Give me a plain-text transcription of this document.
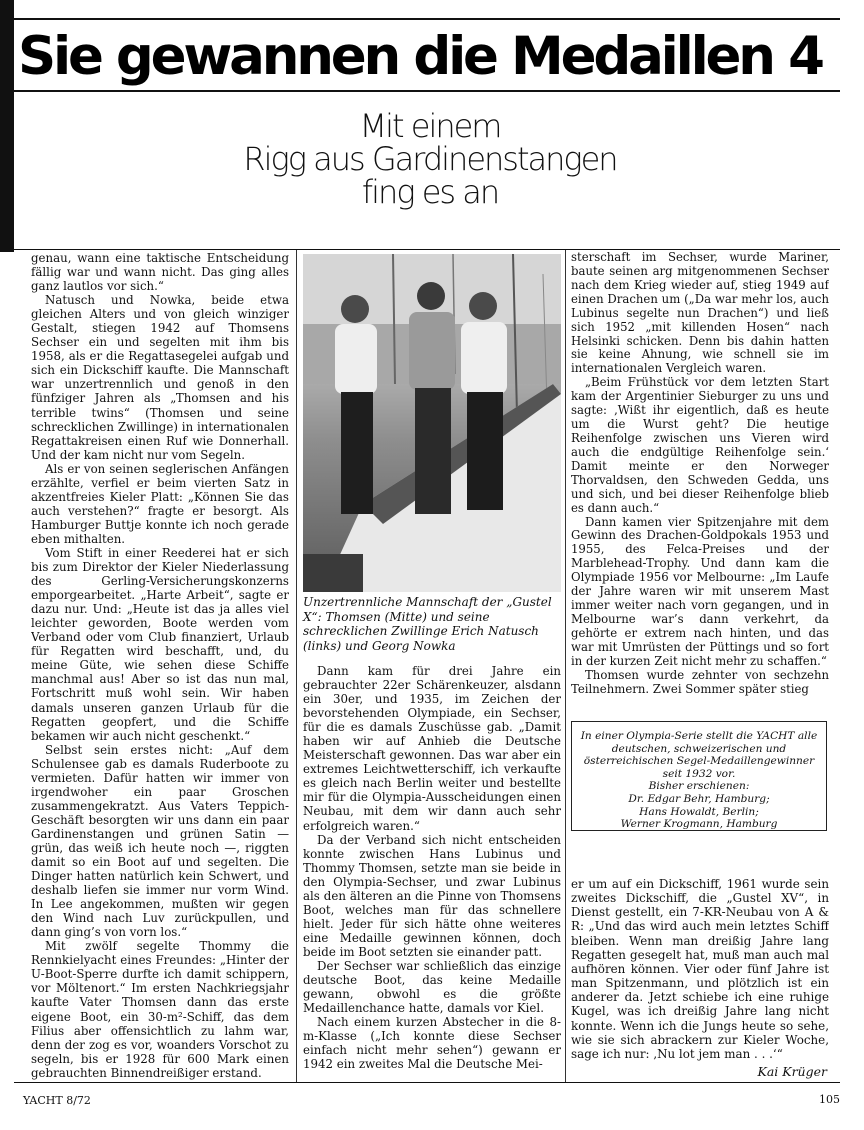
Sie gewannen die Medaillen 4
Mit einem
Rigg aus Gardinenstangen
fing es an

genau, wann eine taktische Entscheidung fällig war und wann nicht. Das ging alles ganz lautlos vor sich.“

Natusch und Nowka, beide etwa gleichen Alters und von gleich winziger Gestalt, stiegen 1942 auf Thomsens Sechser ein und segelten mit ihm bis 1958, als er die Regattasegelei aufgab und sich ein Dickschiff kaufte. Die Mannschaft war unzertrennlich und genoß in den fünfziger Jahren als „Thomsen and his terrible twins“ (Thomsen und seine schrecklichen Zwillinge) in internationalen Regattakreisen einen Ruf wie Donnerhall. Und der kam nicht nur vom Segeln.

Als er von seinen seglerischen Anfängen erzählte, verfiel er beim vierten Satz in akzentfreies Kieler Platt: „Können Sie das auch verstehen?“ fragte er besorgt. Als Hamburger Buttje konnte ich noch gerade eben mithalten.

Vom Stift in einer Reederei hat er sich bis zum Direktor der Kieler Niederlassung des Gerling-Versicherungskonzerns emporgearbeitet. „Harte Arbeit“, sagte er dazu nur. Und: „Heute ist das ja alles viel leichter geworden, Boote werden vom Verband oder vom Club finanziert, Urlaub für Regatten wird beschafft, und, du meine Güte, wie sehen diese Schiffe manchmal aus! Aber so ist das nun mal, Fortschritt muß wohl sein. Wir haben damals unseren ganzen Urlaub für die Regatten geopfert, und die Schiffe bekamen wir auch nicht geschenkt.“

Selbst sein erstes nicht: „Auf dem Schulensee gab es damals Ruderboote zu vermieten. Dafür hatten wir immer von irgendwoher ein paar Groschen zusammengekratzt. Aus Vaters Teppich-Geschäft besorgten wir uns dann ein paar Gardinenstangen und grünen Satin — grün, das weiß ich heute noch —, riggten damit so ein Boot auf und segelten. Die Dinger hatten natürlich kein Schwert, und deshalb liefen sie immer nur vorm Wind. In Lee angekommen, mußten wir gegen den Wind nach Luv zurückpullen, und dann ging’s von vorn los.“

Mit zwölf segelte Thommy die Rennkielyacht eines Freundes: „Hinter der U-Boot-Sperre durfte ich damit schippern, vor Möltenort.“ Im ersten Nachkriegsjahr kaufte Vater Thomsen dann das erste eigene Boot, ein 30-m²-Schiff, das dem Filius aber offensichtlich zu lahm war, denn der zog es vor, woanders Vorschot zu segeln, bis er 1928 für 600 Mark einen gebrauchten Binnendreißiger erstand.

Unzertrennliche Mannschaft der „Gustel X“: Thomsen (Mitte) und seine schrecklichen Zwillinge Erich Natusch (links) und Georg Nowka

Dann kam für drei Jahre ein gebrauchter 22er Schärenkeuzer, alsdann ein 30er, und 1935, im Zeichen der bevorstehenden Olympiade, ein Sechser, für die es damals Zuschüsse gab. „Damit haben wir auf Anhieb die Deutsche Meisterschaft gewonnen. Das war aber ein extremes Leichtwetterschiff, ich verkaufte es gleich nach Berlin weiter und bestellte mir für die Olympia-Ausscheidungen einen Neubau, mit dem wir dann auch sehr erfolgreich waren.“

Da der Verband sich nicht entscheiden konnte zwischen Hans Lubinus und Thommy Thomsen, setzte man sie beide in den Olympia-Sechser, und zwar Lubinus als den älteren an die Pinne von Thomsens Boot, welches man für das schnellere hielt. Jeder für sich hätte ohne weiteres eine Medaille gewinnen können, doch beide im Boot setzten sie einander patt.

Der Sechser war schließlich das einzige deutsche Boot, das keine Medaille gewann, obwohl es die größte Medaillenchance hatte, damals vor Kiel.

Nach einem kurzen Abstecher in die 8-m-Klasse („Ich konnte diese Sechser einfach nicht mehr sehen“) gewann er 1942 ein zweites Mal die Deutsche Mei-

sterschaft im Sechser, wurde Mariner, baute seinen arg mitgenommenen Sechser nach dem Krieg wieder auf, stieg 1949 auf einen Drachen um („Da war mehr los, auch Lubinus segelte nun Drachen“) und ließ sich 1952 „mit killenden Hosen“ nach Helsinki schicken. Denn bis dahin hatten sie keine Ahnung, wie schnell sie im internationalen Vergleich waren.

„Beim Frühstück vor dem letzten Start kam der Argentinier Sieburger zu uns und sagte: ‚Wißt ihr eigentlich, daß es heute um die Wurst geht? Die heutige Reihenfolge zwischen uns Vieren wird auch die endgültige Reihenfolge sein.‘ Damit meinte er den Norweger Thorvaldsen, den Schweden Gedda, uns und sich, und bei dieser Reihenfolge blieb es dann auch.“

Dann kamen vier Spitzenjahre mit dem Gewinn des Drachen-Goldpokals 1953 und 1955, des Felca-Preises und der Marblehead-Trophy. Und dann kam die Olympiade 1956 vor Melbourne: „Im Laufe der Jahre waren wir mit unserem Mast immer weiter nach vorn gegangen, und in Melbourne war’s dann verkehrt, da gehörte er extrem nach hinten, und das war mit Umrüsten der Püttings und so fort in der kurzen Zeit nicht mehr zu schaffen.“

Thomsen wurde zehnter von sechzehn Teilnehmern. Zwei Sommer später stieg

In einer Olympia-Serie stellt die YACHT alle deutschen, schweizerischen und österreichischen Segel-Medaillengewinner seit 1932 vor.

Bisher erschienen:

Dr. Edgar Behr, Hamburg;

Hans Howaldt, Berlin;

Werner Krogmann, Hamburg

er um auf ein Dickschiff, 1961 wurde sein zweites Dickschiff, die „Gustel XV“, in Dienst gestellt, ein 7-KR-Neubau von A & R: „Und das wird auch mein letztes Schiff bleiben. Wenn man dreißig Jahre lang Regatten gesegelt hat, muß man auch mal aufhören können. Vier oder fünf Jahre ist man Spitzenmann, und plötzlich ist ein anderer da. Jetzt schiebe ich eine ruhige Kugel, was ich dreißig Jahre lang nicht konnte. Wenn ich die Jungs heute so sehe, wie sie sich abrackern zur Kieler Woche, sage ich nur: ‚Nu lot jem man . . .‘“

Kai Krüger
YACHT 8/72	105
